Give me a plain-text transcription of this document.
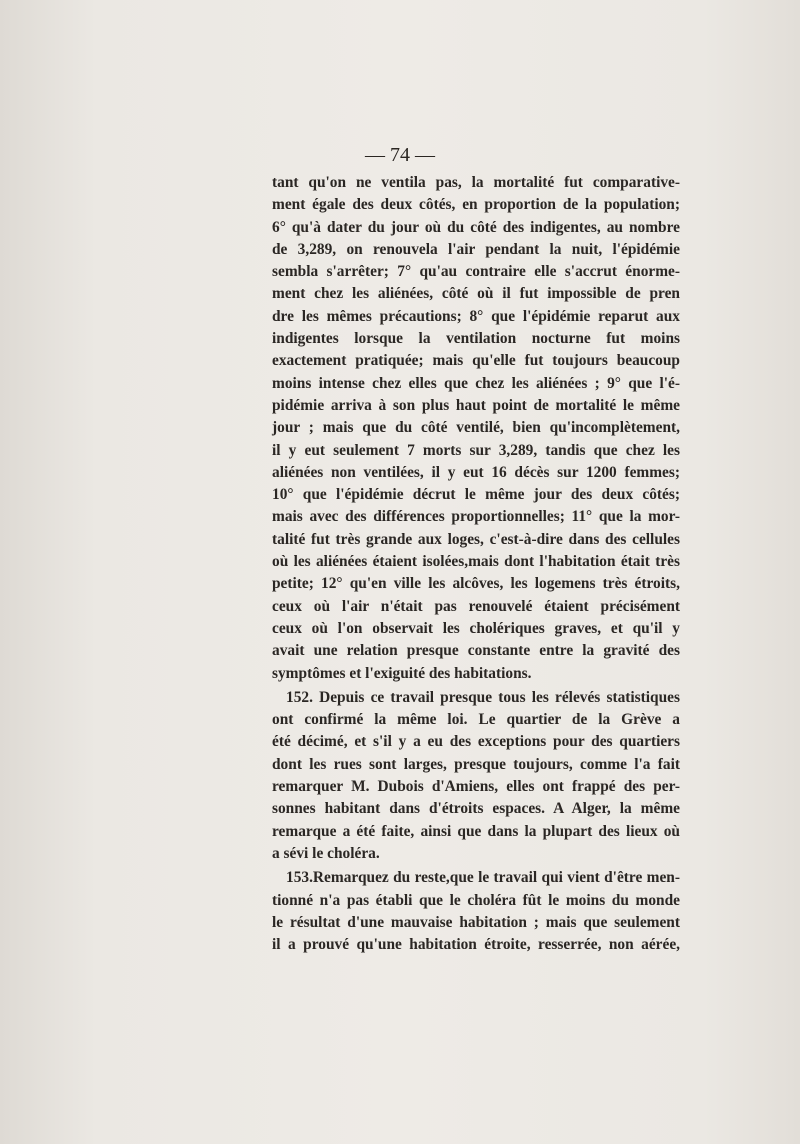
— 74 —
tant qu'on ne ventila pas, la mortalité fut comparative-
ment égale des deux côtés, en proportion de la population;
6° qu'à dater du jour où du côté des indigentes, au nombre
de 3,289, on renouvela l'air pendant la nuit, l'épidémie
sembla s'arrêter; 7° qu'au contraire elle s'accrut énorme-
ment chez les aliénées, côté où il fut impossible de pren
dre les mêmes précautions; 8° que l'épidémie reparut aux
indigentes lorsque la ventilation nocturne fut moins
exactement pratiquée; mais qu'elle fut toujours beaucoup
moins intense chez elles que chez les aliénées ; 9° que l'é-
pidémie arriva à son plus haut point de mortalité le même
jour ; mais que du côté ventilé, bien qu'incomplètement,
il y eut seulement 7 morts sur 3,289, tandis que chez les
aliénées non ventilées, il y eut 16 décès sur 1200 femmes;
10° que l'épidémie décrut le même jour des deux côtés;
mais avec des différences proportionnelles; 11° que la mor-
talité fut très grande aux loges, c'est-à-dire dans des cellules
où les aliénées étaient isolées,mais dont l'habitation était très
petite; 12° qu'en ville les alcôves, les logemens très étroits,
ceux où l'air n'était pas renouvelé étaient précisément
ceux où l'on observait les cholériques graves, et qu'il y
avait une relation presque constante entre la gravité des
symptômes et l'exiguité des habitations.
152. Depuis ce travail presque tous les rélevés statistiques
ont confirmé la même loi. Le quartier de la Grève a
été décimé, et s'il y a eu des exceptions pour des quartiers
dont les rues sont larges, presque toujours, comme l'a fait
remarquer M. Dubois d'Amiens, elles ont frappé des per-
sonnes habitant dans d'étroits espaces. A Alger, la même
remarque a été faite, ainsi que dans la plupart des lieux où
a sévi le choléra.
153.Remarquez du reste,que le travail qui vient d'être men-
tionné n'a pas établi que le choléra fût le moins du monde
le résultat d'une mauvaise habitation ; mais que seulement
il a prouvé qu'une habitation étroite, resserrée, non aérée,
